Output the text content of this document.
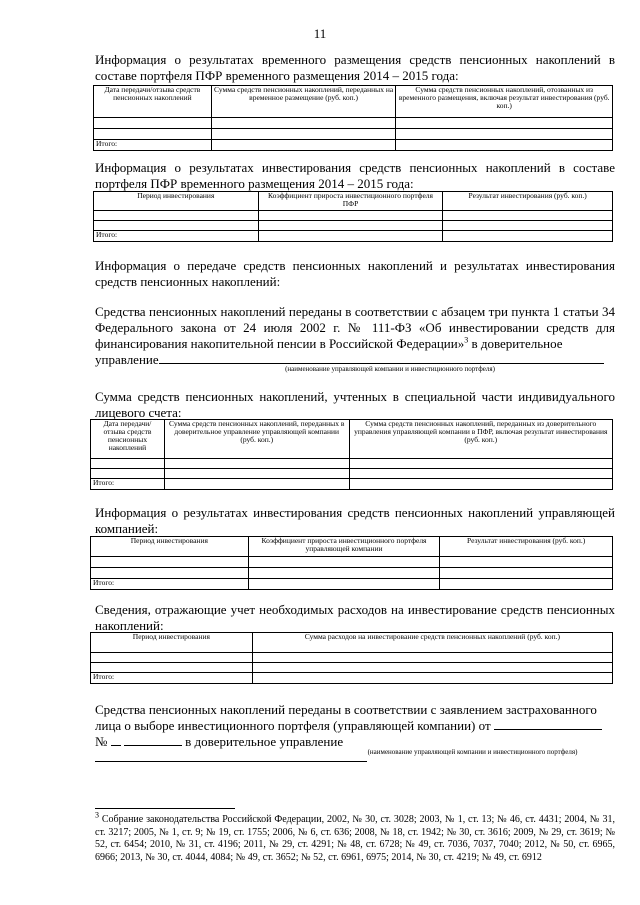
11
Информация о результатах временного размещения средств пенсионных накоплений в составе портфеля ПФР временного размещения 2014 – 2015 года:
Дата передачи/отзыва средств пенсионных накоплений	Сумма средств пенсионных накоплений, переданных на временное размещение (руб. коп.)	Сумма средств пенсионных накоплений, отозванных из временного размещения, включая результат инвестирования (руб. коп.)

Итого:		
Информация о результатах инвестирования средств пенсионных накоплений в составе портфеля ПФР временного размещения 2014 – 2015 года:
Период инвестирования	Коэффициент прироста инвестиционного портфеля ПФР	Результат инвестирования (руб. коп.)

Итого:		
Информация о передаче средств пенсионных накоплений и результатах инвестирования средств пенсионных накоплений:
Средства пенсионных накоплений переданы в соответствии с абзацем три пункта 1 статьи 34 Федерального закона от 24 июля 2002 г. № 111-ФЗ «Об инвестировании средств для финансирования накопительной пенсии в Российской Федерации»$^3$ в доверительное
управление
(наименование управляющей компании и инвестиционного портфеля)
Сумма средств пенсионных накоплений, учтенных в специальной части индивидуального лицевого счета:
Дата передачи/отзыва средств пенсионных накоплений	Сумма средств пенсионных накоплений, переданных в доверительное управление управляющей компании (руб. коп.)	Сумма средств пенсионных накоплений, переданных из доверительного управления управляющей компании в ПФР, включая результат инвестирования (руб. коп.)

Итого:		
Информация о результатах инвестирования средств пенсионных накоплений управляющей компанией:
Период инвестирования	Коэффициент прироста инвестиционного портфеля управляющей компании	Результат инвестирования (руб. коп.)

Итого:		
Сведения, отражающие учет необходимых расходов на инвестирование средств пенсионных накоплений:
Период инвестирования	Сумма расходов на инвестирование средств пенсионных накоплений (руб. коп.)

Итого:	
Средства пенсионных накоплений переданы в соответствии с заявлением застрахованного лица о выборе инвестиционного портфеля (управляющей компании) от
№	в доверительное управление
(наименование управляющей компании и инвестиционного портфеля)
$^3$ Собрание законодательства Российской Федерации, 2002, № 30, ст. 3028; 2003, № 1, ст. 13; № 46, ст. 4431; 2004, № 31, ст. 3217; 2005, № 1, ст. 9; № 19, ст. 1755; 2006, № 6, ст. 636; 2008, № 18, ст. 1942; № 30, ст. 3616; 2009, № 29, ст. 3619; № 52, ст. 6454; 2010, № 31, ст. 4196; 2011, № 29, ст. 4291; № 48, ст. 6728; № 49, ст. 7036, 7037, 7040; 2012, № 50, ст. 6965, 6966; 2013, № 30, ст. 4044, 4084; № 49, ст. 3652; № 52, ст. 6961, 6975; 2014, № 30, ст. 4219; № 49, ст. 6912
